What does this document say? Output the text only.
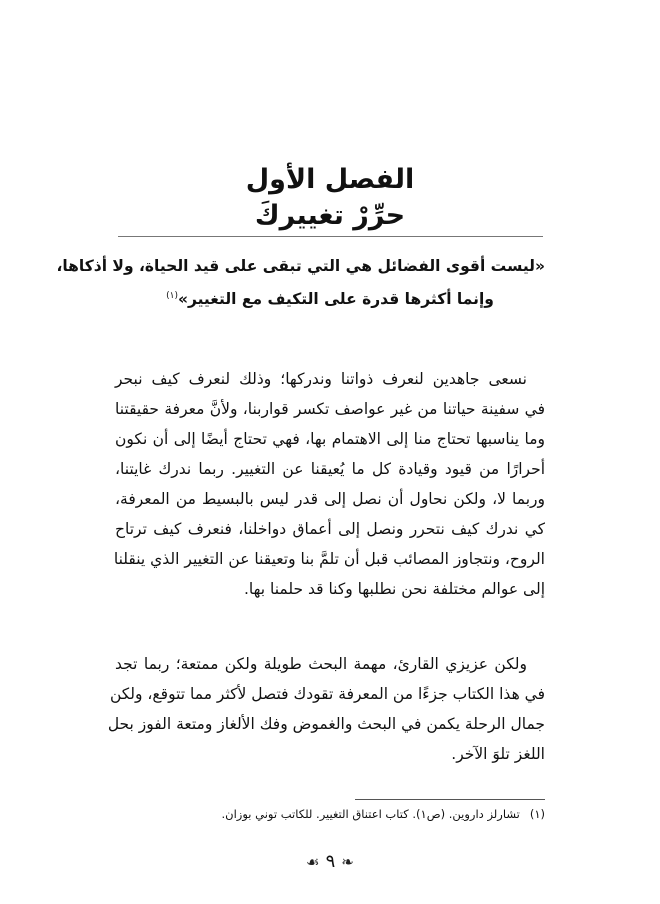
الفصل الأول
حرِّرْ تغييركَ
«ليست أقوى الفضائل هي التي تبقى على قيد الحياة، ولا أذكاها،
وإنما أكثرها قدرة على التكيف مع التغيير»$^{(١)}$
نسعى جاهدين لنعرف ذواتنا وندركها؛ وذلك لنعرف كيف نبحر
في سفينة حياتنا من غير عواصف تكسر قواربنا، ولأنَّ معرفة حقيقتنا
وما يناسبها تحتاج منا إلى الاهتمام بها، فهي تحتاج أيضًا إلى أن نكون
أحرارًا من قيود وقيادة كل ما يُعيقنا عن التغيير. ربما ندرك غايتنا،
وربما لا، ولكن نحاول أن نصل إلى قدر ليس بالبسيط من المعرفة،
كي ندرك كيف نتحرر ونصل إلى أعماق دواخلنا، فنعرف كيف ترتاح
الروح، ونتجاوز المصائب قبل أن تلمَّ بنا وتعيقنا عن التغيير الذي ينقلنا
إلى عوالم مختلفة نحن نطلبها وكنا قد حلمنا بها.
ولكن عزيزي القارئ، مهمة البحث طويلة ولكن ممتعة؛ ربما تجد
في هذا الكتاب جزءًا من المعرفة تقودك فتصل لأكثر مما تتوقع، ولكن
جمال الرحلة يكمن في البحث والغموض وفك الألغاز ومتعة الفوز بحل
اللغز تلوَ الآخر.
(١)تشارلز داروين. (ص١). كتاب اعتناق التغيير. للكاتب توني بوزان.
❧٩☙
